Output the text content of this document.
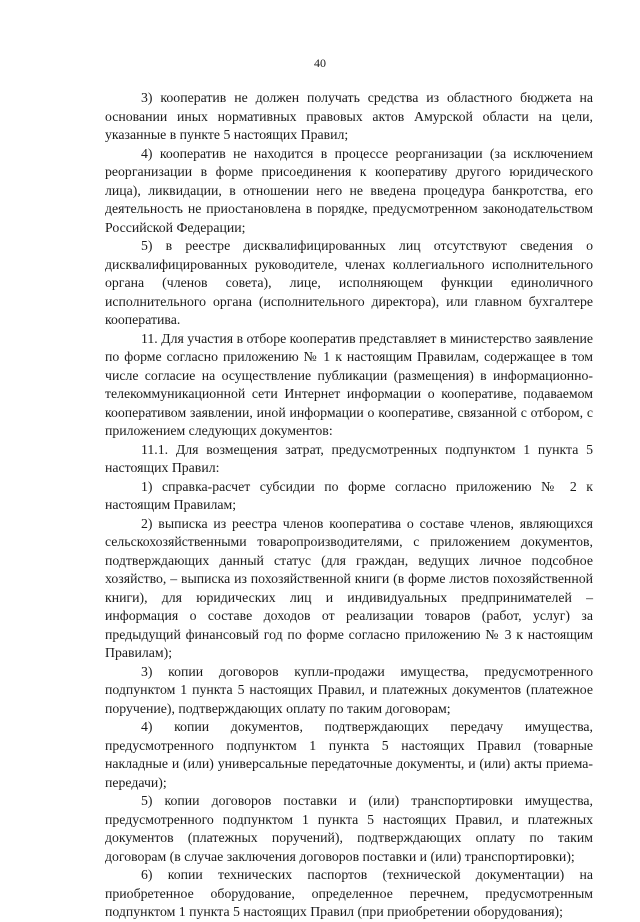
40

3) кооператив не должен получать средства из областного бюджета на основании иных нормативных правовых актов Амурской области на цели, указанные в пункте 5 настоящих Правил;

4) кооператив не находится в процессе реорганизации (за исключением реорганизации в форме присоединения к кооперативу другого юридического лица), ликвидации, в отношении него не введена процедура банкротства, его деятельность не приостановлена в порядке, предусмотренном законодательством Российской Федерации;

5) в реестре дисквалифицированных лиц отсутствуют сведения о дисквалифицированных руководителе, членах коллегиального исполнительного органа (членов совета), лице, исполняющем функции единоличного исполнительного органа (исполнительного директора), или главном бухгалтере кооператива.

11. Для участия в отборе кооператив представляет в министерство заявление по форме согласно приложению № 1 к настоящим Правилам, содержащее в том числе согласие на осуществление публикации (размещения) в информационно-телекоммуникационной сети Интернет информации о кооперативе, подаваемом кооперативом заявлении, иной информации о кооперативе, связанной с отбором, с приложением следующих документов:

11.1. Для возмещения затрат, предусмотренных подпунктом 1 пункта 5 настоящих Правил:

1) справка-расчет субсидии по форме согласно приложению № 2 к настоящим Правилам;

2) выписка из реестра членов кооператива о составе членов, являющихся сельскохозяйственными товаропроизводителями, с приложением документов, подтверждающих данный статус (для граждан, ведущих личное подсобное хозяйство, – выписка из похозяйственной книги (в форме листов похозяйственной книги), для юридических лиц и индивидуальных предпринимателей – информация о составе доходов от реализации товаров (работ, услуг) за предыдущий финансовый год по форме согласно приложению № 3 к настоящим Правилам);

3) копии договоров купли-продажи имущества, предусмотренного подпунктом 1 пункта 5 настоящих Правил, и платежных документов (платежное поручение), подтверждающих оплату по таким договорам;

4) копии документов, подтверждающих передачу имущества, предусмотренного подпунктом 1 пункта 5 настоящих Правил (товарные накладные и (или) универсальные передаточные документы, и (или) акты приема-передачи);

5) копии договоров поставки и (или) транспортировки имущества, предусмотренного подпунктом 1 пункта 5 настоящих Правил, и платежных документов (платежных поручений), подтверждающих оплату по таким договорам (в случае заключения договоров поставки и (или) транспортировки);

6) копии технических паспортов (технической документации) на приобретенное оборудование, определенное перечнем, предусмотренным подпунктом 1 пункта 5 настоящих Правил (при приобретении оборудования);
